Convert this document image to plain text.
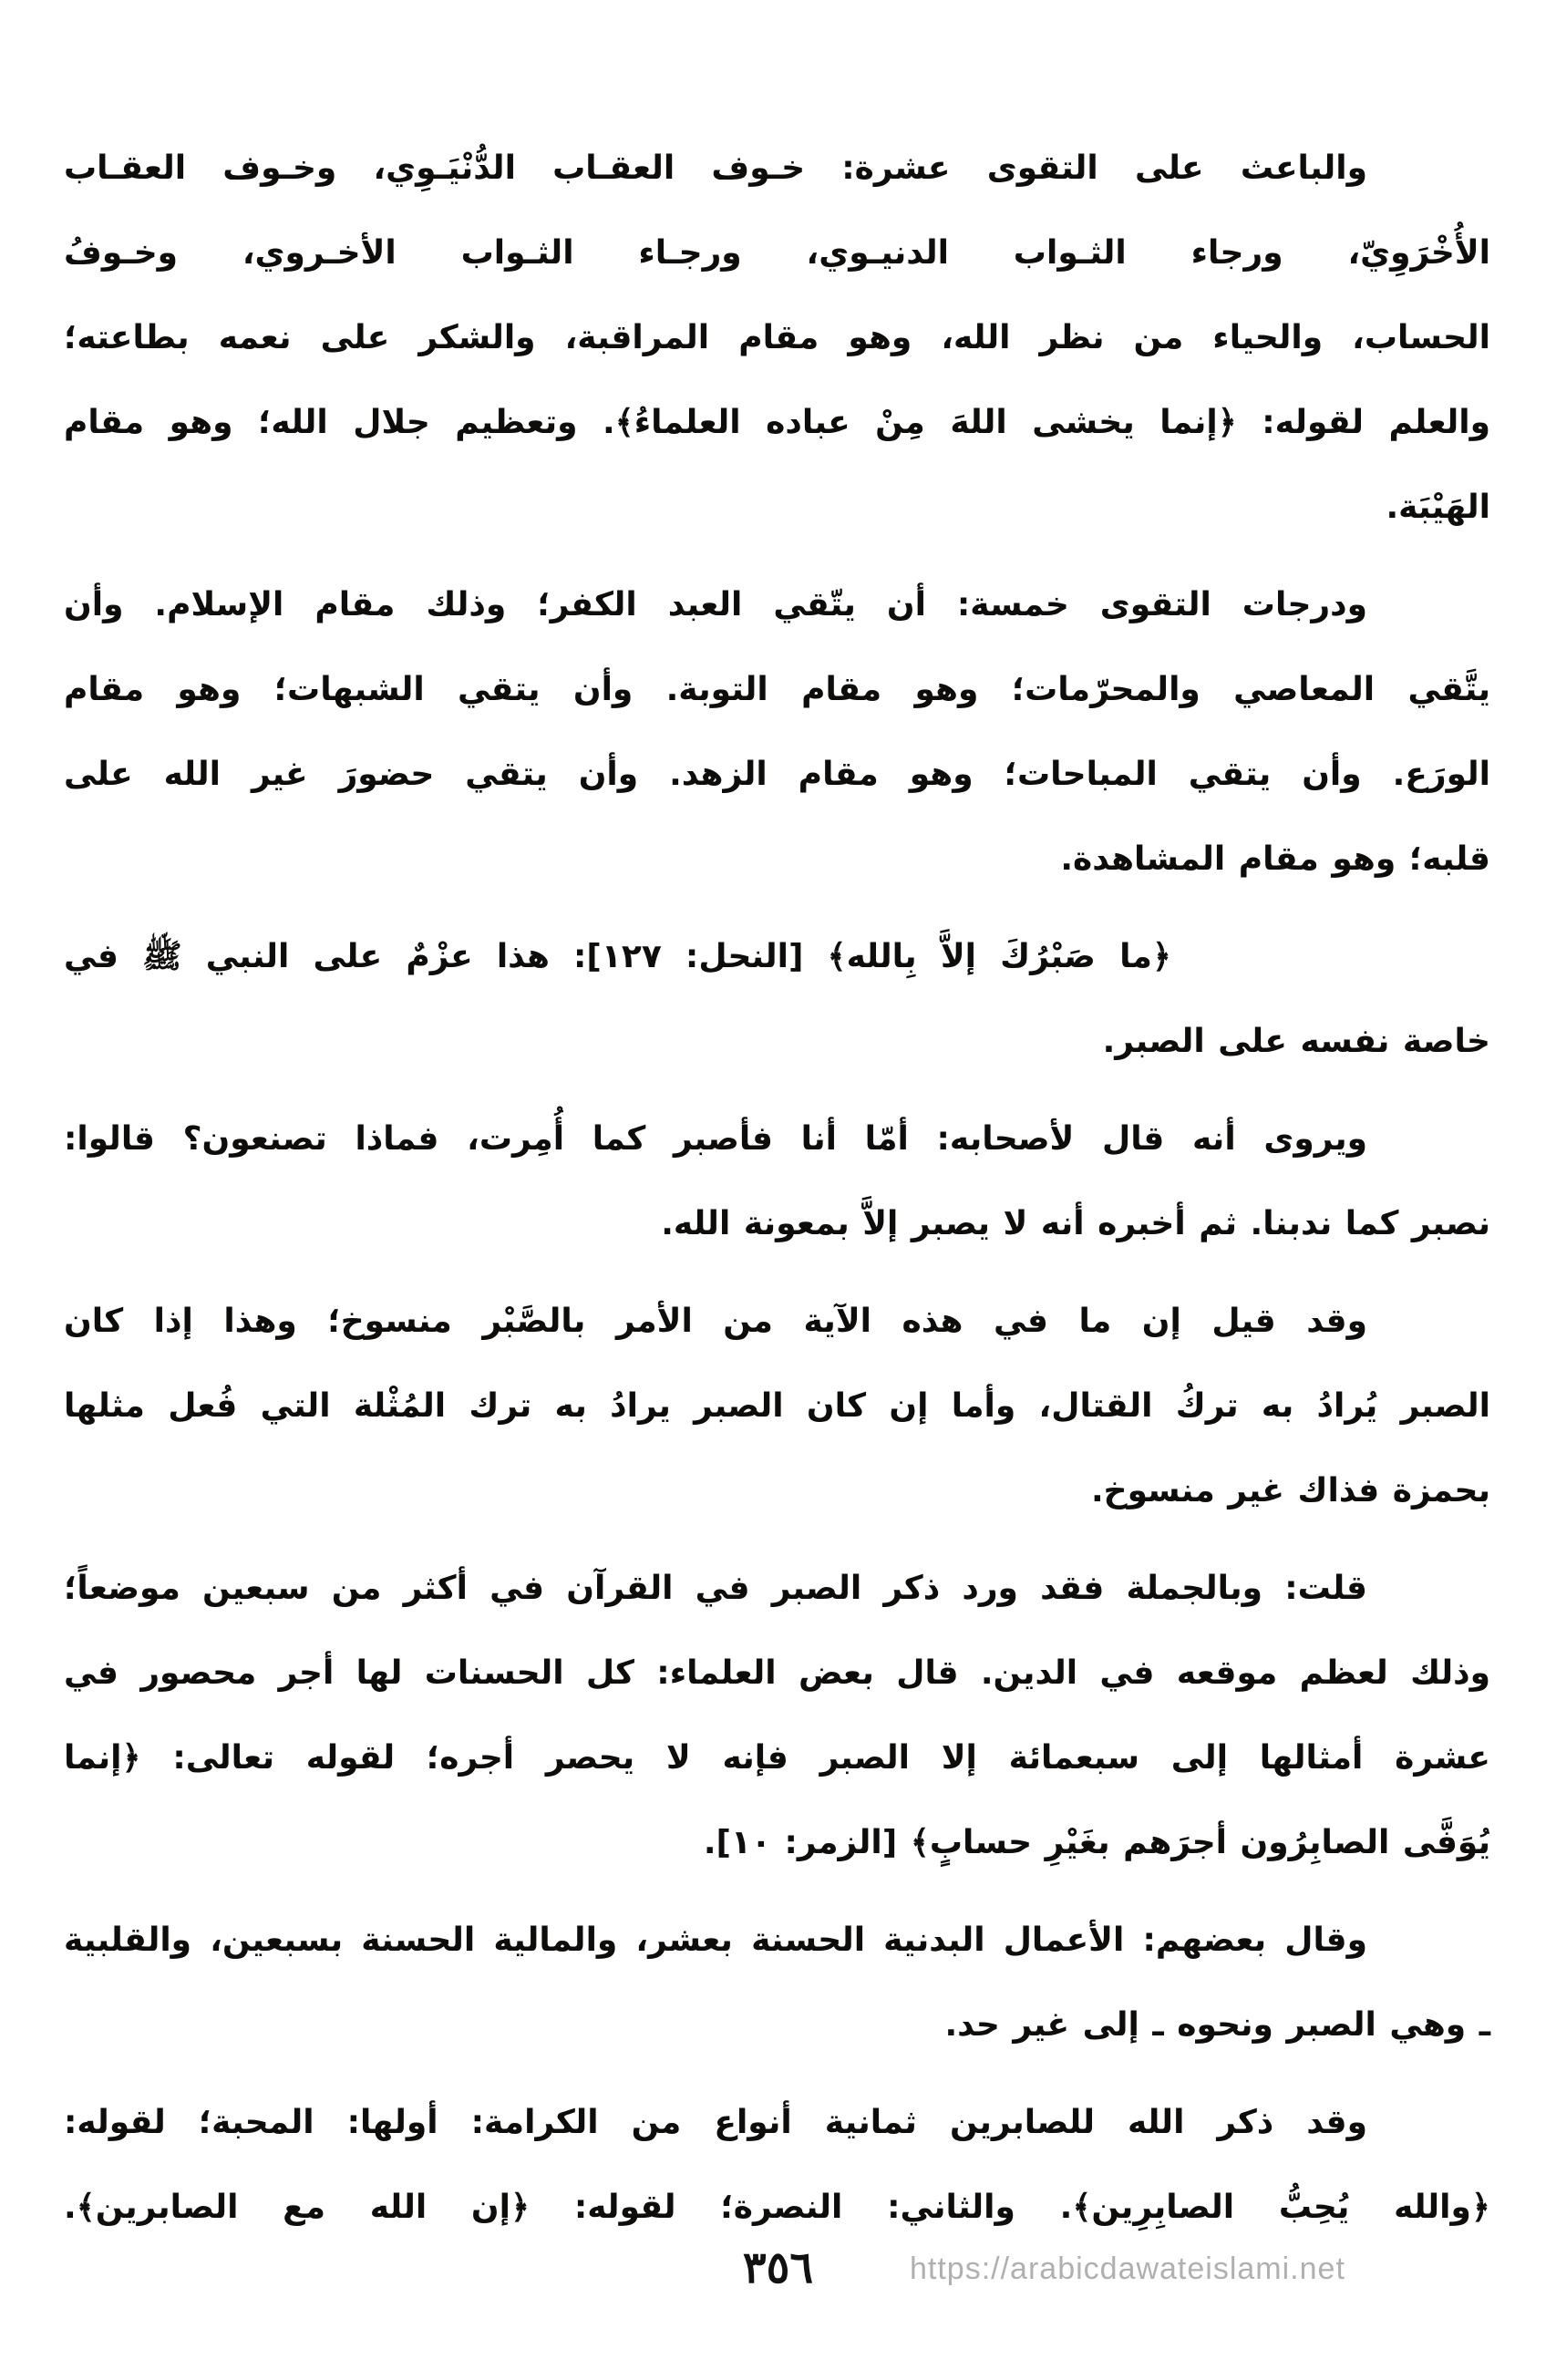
والباعث على التقوى عشرة: خـوف العقـاب الدُّنْيَـوِي، وخـوف العقـاب
الأُخْرَوِيّ، ورجاء الثـواب الدنيـوي، ورجـاء الثـواب الأخـروي، وخـوفُ
الحساب، والحياء من نظر الله، وهو مقام المراقبة، والشكر على نعمه بطاعته؛
والعلم لقوله: ﴿إنما يخشى اللهَ مِنْ عباده العلماءُ﴾. وتعظيم جلال الله؛ وهو مقام
الهَيْبَة.
ودرجات التقوى خمسة: أن يتّقي العبد الكفر؛ وذلك مقام الإسلام. وأن
يتَّقي المعاصي والمحرّمات؛ وهو مقام التوبة. وأن يتقي الشبهات؛ وهو مقام
الورَع. وأن يتقي المباحات؛ وهو مقام الزهد. وأن يتقي حضورَ غير الله على
قلبه؛ وهو مقام المشاهدة.
﴿ما صَبْرُكَ إلاَّ بِالله﴾ [النحل: ١٢٧]: هذا عزْمٌ على النبي ﷺ في
خاصة نفسه على الصبر.
ويروى أنه قال لأصحابه: أمّا أنا فأصبر كما أُمِرت، فماذا تصنعون؟ قالوا:
نصبر كما ندبنا. ثم أخبره أنه لا يصبر إلاَّ بمعونة الله.
وقد قيل إن ما في هذه الآية من الأمر بالصَّبْر منسوخ؛ وهذا إذا كان
الصبر يُرادُ به تركُ القتال، وأما إن كان الصبر يرادُ به ترك المُثْلة التي فُعل مثلها
بحمزة فذاك غير منسوخ.
قلت: وبالجملة فقد ورد ذكر الصبر في القرآن في أكثر من سبعين موضعاً؛
وذلك لعظم موقعه في الدين. قال بعض العلماء: كل الحسنات لها أجر محصور في
عشرة أمثالها إلى سبعمائة إلا الصبر فإنه لا يحصر أجره؛ لقوله تعالى: ﴿إنما
يُوَفَّى الصابِرُون أجرَهم بغَيْرِ حسابٍ﴾ [الزمر: ١٠].
وقال بعضهم: الأعمال البدنية الحسنة بعشر، والمالية الحسنة بسبعين، والقلبية
ـ وهي الصبر ونحوه ـ إلى غير حد.
وقد ذكر الله للصابرين ثمانية أنواع من الكرامة: أولها: المحبة؛ لقوله:
﴿والله يُحِبُّ الصابِرِين﴾. والثاني: النصرة؛ لقوله: ﴿إن الله مع الصابرين﴾.
٣٥٦	https://arabicdawateislami.net
